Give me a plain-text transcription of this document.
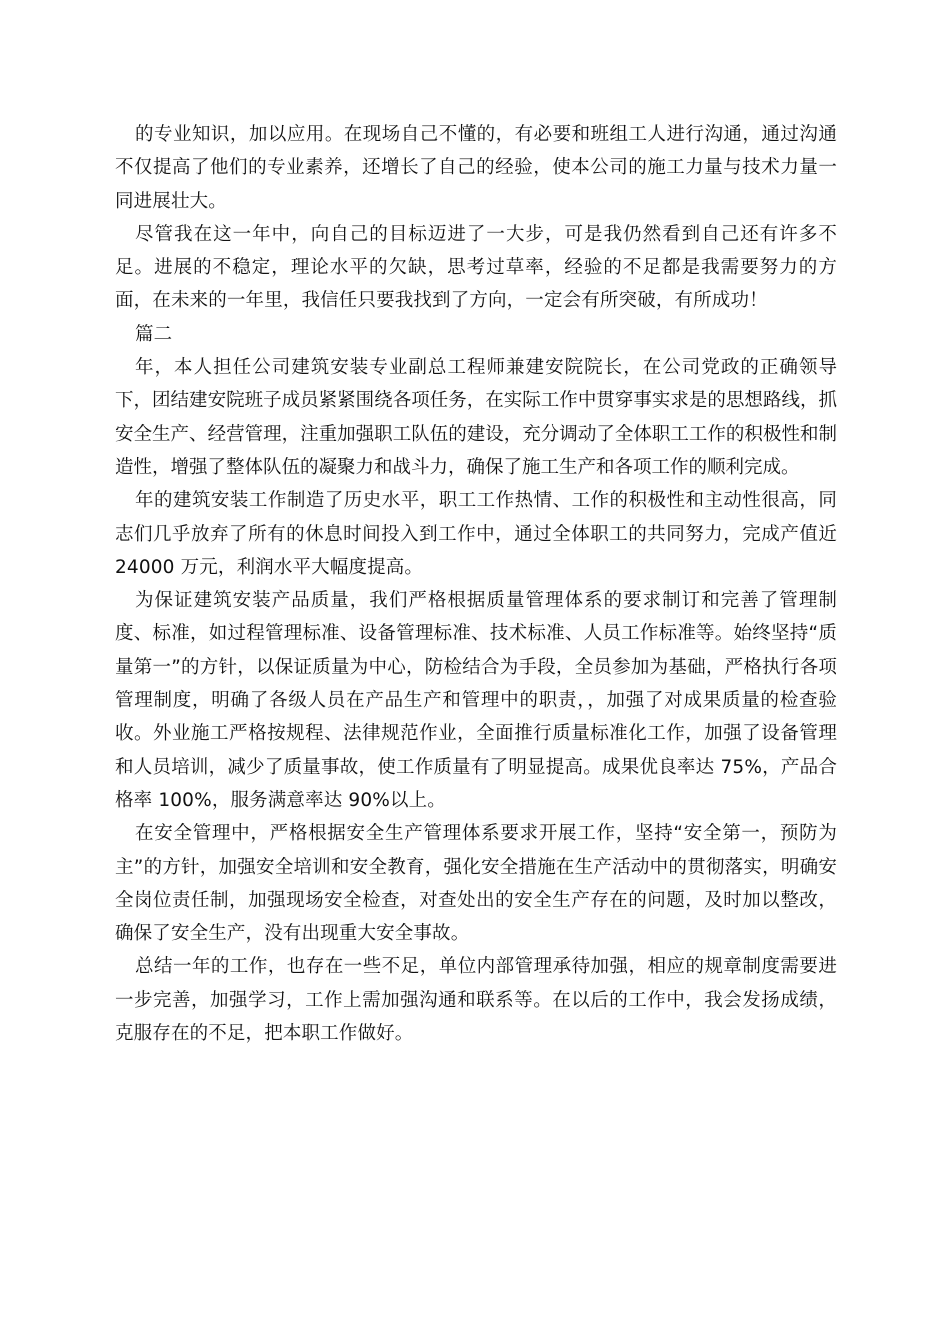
的专业知识，加以应用。在现场自己不懂的，有必要和班组工人进行沟通，通过沟通不仅提高了他们的专业素养，还增长了自己的经验，使本公司的施工力量与技术力量一同进展壮大。

尽管我在这一年中，向自己的目标迈进了一大步，可是我仍然看到自己还有许多不足。进展的不稳定，理论水平的欠缺，思考过草率，经验的不足都是我需要努力的方面，在未来的一年里，我信任只要我找到了方向，一定会有所突破，有所成功！

篇二

年，本人担任公司建筑安装专业副总工程师兼建安院院长，在公司党政的正确领导下，团结建安院班子成员紧紧围绕各项任务，在实际工作中贯穿事实求是的思想路线，抓安全生产、经营管理，注重加强职工队伍的建设，充分调动了全体职工工作的积极性和制造性，增强了整体队伍的凝聚力和战斗力，确保了施工生产和各项工作的顺利完成。

年的建筑安装工作制造了历史水平，职工工作热情、工作的积极性和主动性很高，同志们几乎放弃了所有的休息时间投入到工作中，通过全体职工的共同努力，完成产值近 24000 万元，利润水平大幅度提高。

为保证建筑安装产品质量，我们严格根据质量管理体系的要求制订和完善了管理制度、标准，如过程管理标准、设备管理标准、技术标准、人员工作标准等。始终坚持“质量第一”的方针，以保证质量为中心，防检结合为手段，全员参加为基础，严格执行各项管理制度，明确了各级人员在产品生产和管理中的职责，，加强了对成果质量的检查验收。外业施工严格按规程、法律规范作业，全面推行质量标准化工作，加强了设备管理和人员培训，减少了质量事故，使工作质量有了明显提高。成果优良率达 75%，产品合格率 100%，服务满意率达 90%以上。

在安全管理中，严格根据安全生产管理体系要求开展工作，坚持“安全第一，预防为主”的方针，加强安全培训和安全教育，强化安全措施在生产活动中的贯彻落实，明确安全岗位责任制，加强现场安全检查，对查处出的安全生产存在的问题，及时加以整改，确保了安全生产，没有出现重大安全事故。

总结一年的工作，也存在一些不足，单位内部管理承待加强，相应的规章制度需要进一步完善，加强学习，工作上需加强沟通和联系等。在以后的工作中，我会发扬成绩，克服存在的不足，把本职工作做好。
